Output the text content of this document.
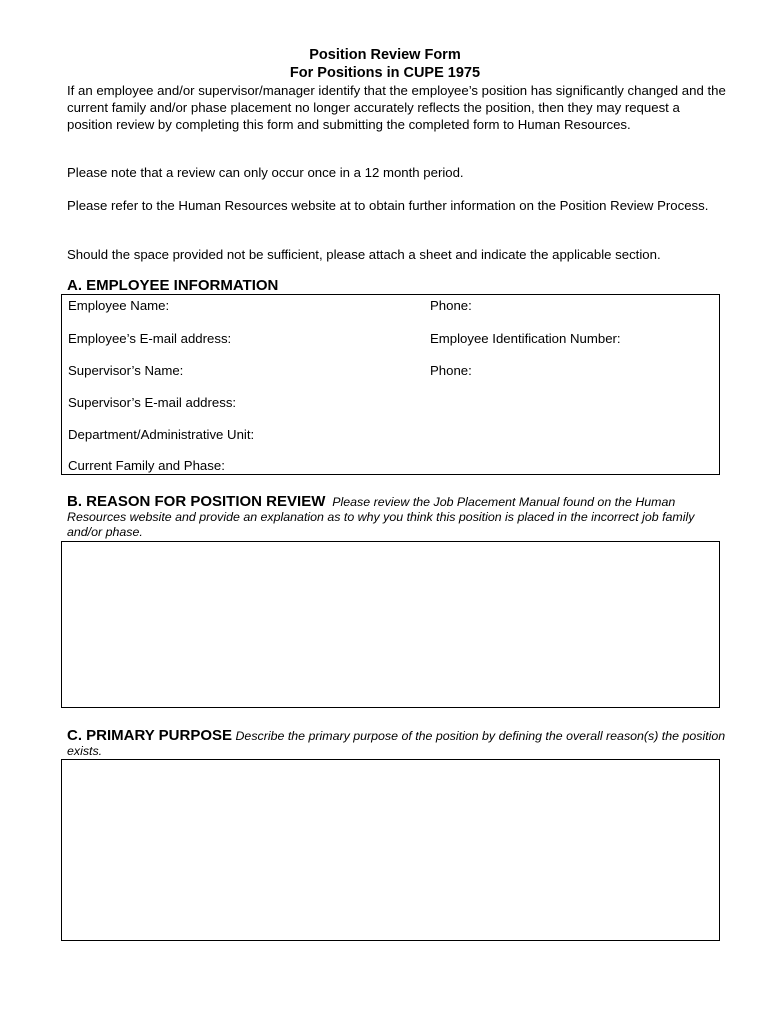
Position Review Form
For Positions in CUPE 1975
If an employee and/or supervisor/manager identify that the employee’s position has significantly changed and the current family and/or phase placement no longer accurately reflects the position, then they may request a position review by completing this form and submitting the completed form to Human Resources.
Please note that a review can only occur once in a 12 month period.
Please refer to the Human Resources website at to obtain further information on the Position Review Process.
Should the space provided not be sufficient, please attach a sheet and indicate the applicable section.
A. EMPLOYEE INFORMATION
Employee Name:	Phone:
Employee’s E-mail address:	Employee Identification Number:
Supervisor’s Name:	Phone:
Supervisor’s E-mail address:
Department/Administrative Unit:
Current Family and Phase:
B. REASON FOR POSITION REVIEW Please review the Job Placement Manual found on the Human Resources website and provide an explanation as to why you think this position is placed in the incorrect job family and/or phase.
C. PRIMARY PURPOSE Describe the primary purpose of the position by defining the overall reason(s) the position exists.
